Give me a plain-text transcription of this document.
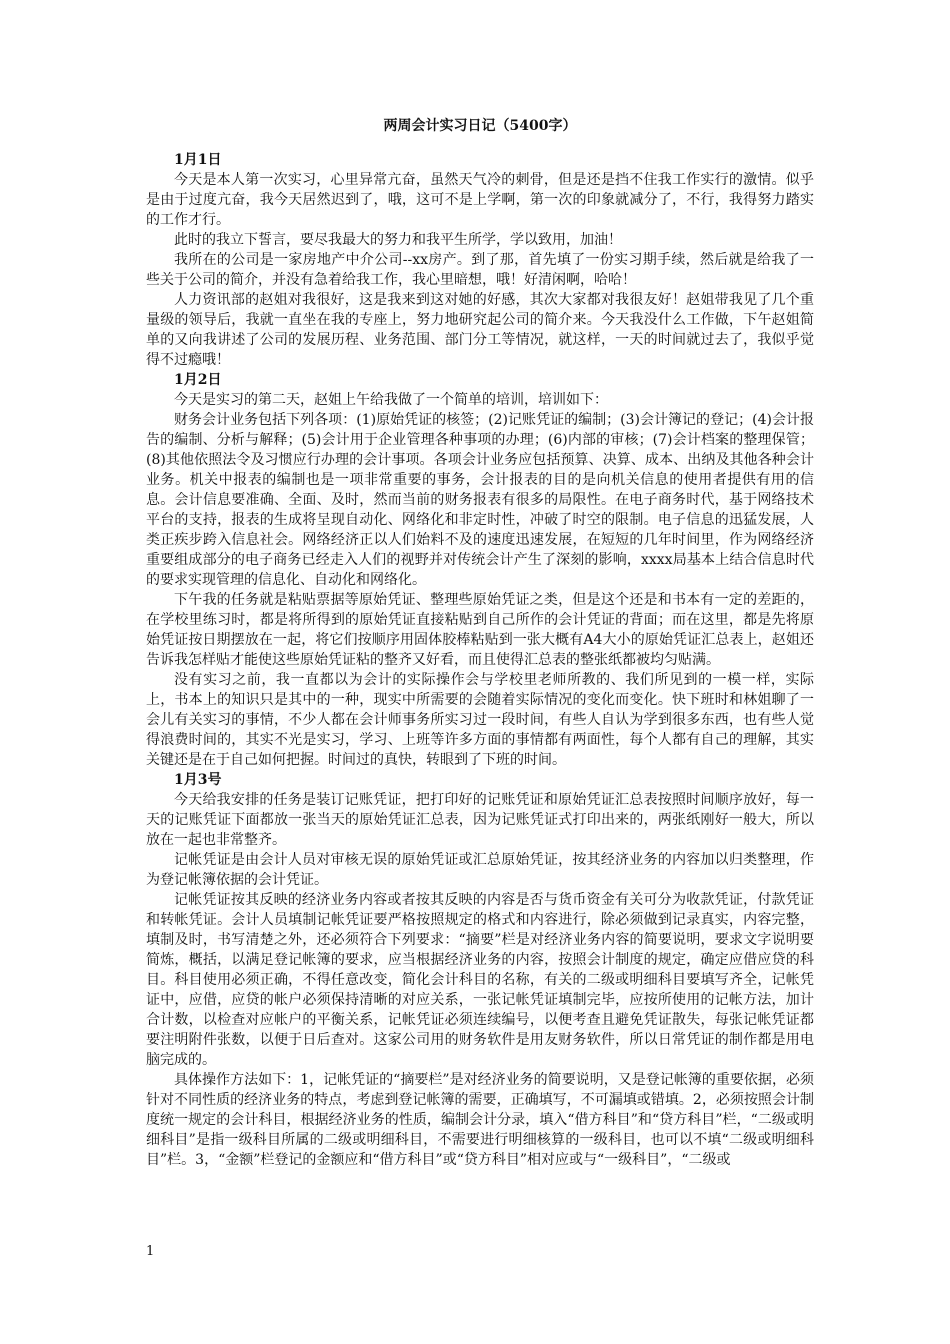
两周会计实习日记（5400字）
1月1日

今天是本人第一次实习，心里异常亢奋，虽然天气冷的刺骨，但是还是挡不住我工作实行的激情。似乎是由于过度亢奋，我今天居然迟到了，哦，这可不是上学啊，第一次的印象就减分了，不行，我得努力踏实的工作才行。

此时的我立下誓言，要尽我最大的努力和我平生所学，学以致用，加油！

我所在的公司是一家房地产中介公司--xx房产。到了那，首先填了一份实习期手续，然后就是给我了一些关于公司的简介，并没有急着给我工作，我心里暗想，哦！好清闲啊，哈哈！

人力资讯部的赵姐对我很好，这是我来到这对她的好感，其次大家都对我很友好！赵姐带我见了几个重量级的领导后，我就一直坐在我的专座上，努力地研究起公司的简介来。今天我没什么工作做，下午赵姐简单的又向我讲述了公司的发展历程、业务范围、部门分工等情况，就这样，一天的时间就过去了，我似乎觉得不过瘾哦！

1月2日

今天是实习的第二天，赵姐上午给我做了一个简单的培训，培训如下：

财务会计业务包括下列各项：(1)原始凭证的核签；(2)记账凭证的编制；(3)会计簿记的登记；(4)会计报告的编制、分析与解释；(5)会计用于企业管理各种事项的办理；(6)内部的审核；(7)会计档案的整理保管；(8)其他依照法令及习惯应行办理的会计事项。各项会计业务应包括预算、决算、成本、出纳及其他各种会计业务。机关中报表的编制也是一项非常重要的事务，会计报表的目的是向机关信息的使用者提供有用的信息。会计信息要准确、全面、及时，然而当前的财务报表有很多的局限性。在电子商务时代，基于网络技术平台的支持，报表的生成将呈现自动化、网络化和非定时性，冲破了时空的限制。电子信息的迅猛发展，人类正疾步跨入信息社会。网络经济正以人们始料不及的速度迅速发展，在短短的几年时间里，作为网络经济重要组成部分的电子商务已经走入人们的视野并对传统会计产生了深刻的影响，xxxx局基本上结合信息时代的要求实现管理的信息化、自动化和网络化。

下午我的任务就是粘贴票据等原始凭证、整理些原始凭证之类，但是这个还是和书本有一定的差距的，在学校里练习时，都是将所得到的原始凭证直接粘贴到自己所作的会计凭证的背面；而在这里，都是先将原始凭证按日期摆放在一起，将它们按顺序用固体胶棒粘贴到一张大概有A4大小的原始凭证汇总表上，赵姐还告诉我怎样贴才能使这些原始凭证粘的整齐又好看，而且使得汇总表的整张纸都被均匀贴满。

没有实习之前，我一直都以为会计的实际操作会与学校里老师所教的、我们所见到的一模一样，实际上，书本上的知识只是其中的一种，现实中所需要的会随着实际情况的变化而变化。快下班时和林姐聊了一会儿有关实习的事情，不少人都在会计师事务所实习过一段时间，有些人自认为学到很多东西，也有些人觉得浪费时间的，其实不光是实习，学习、上班等许多方面的事情都有两面性，每个人都有自己的理解，其实关键还是在于自己如何把握。时间过的真快，转眼到了下班的时间。

1月3号

今天给我安排的任务是装订记账凭证，把打印好的记账凭证和原始凭证汇总表按照时间顺序放好，每一天的记账凭证下面都放一张当天的原始凭证汇总表，因为记账凭证式打印出来的，两张纸刚好一般大，所以放在一起也非常整齐。

记帐凭证是由会计人员对审核无误的原始凭证或汇总原始凭证，按其经济业务的内容加以归类整理，作为登记帐簿依据的会计凭证。

记帐凭证按其反映的经济业务内容或者按其反映的内容是否与货币资金有关可分为收款凭证，付款凭证和转帐凭证。会计人员填制记帐凭证要严格按照规定的格式和内容进行，除必须做到记录真实，内容完整，填制及时，书写清楚之外，还必须符合下列要求：“摘要”栏是对经济业务内容的简要说明，要求文字说明要简炼，概括，以满足登记帐簿的要求，应当根据经济业务的内容，按照会计制度的规定，确定应借应贷的科目。科目使用必须正确，不得任意改变，简化会计科目的名称，有关的二级或明细科目要填写齐全，记帐凭证中，应借，应贷的帐户必须保持清晰的对应关系，一张记帐凭证填制完毕，应按所使用的记帐方法，加计合计数，以检查对应帐户的平衡关系，记帐凭证必须连续编号，以便考查且避免凭证散失，每张记帐凭证都要注明附件张数，以便于日后查对。这家公司用的财务软件是用友财务软件，所以日常凭证的制作都是用电脑完成的。

具体操作方法如下：1，记帐凭证的“摘要栏”是对经济业务的简要说明，又是登记帐簿的重要依据，必须针对不同性质的经济业务的特点，考虑到登记帐簿的需要，正确填写，不可漏填或错填。2，必须按照会计制度统一规定的会计科目，根据经济业务的性质，编制会计分录，填入“借方科目”和“贷方科目”栏，“二级或明细科目”是指一级科目所属的二级或明细科目，不需要进行明细核算的一级科目，也可以不填“二级或明细科目”栏。3，“金额”栏登记的金额应和“借方科目”或“贷方科目”相对应或与“一级科目”，“二级或

1
